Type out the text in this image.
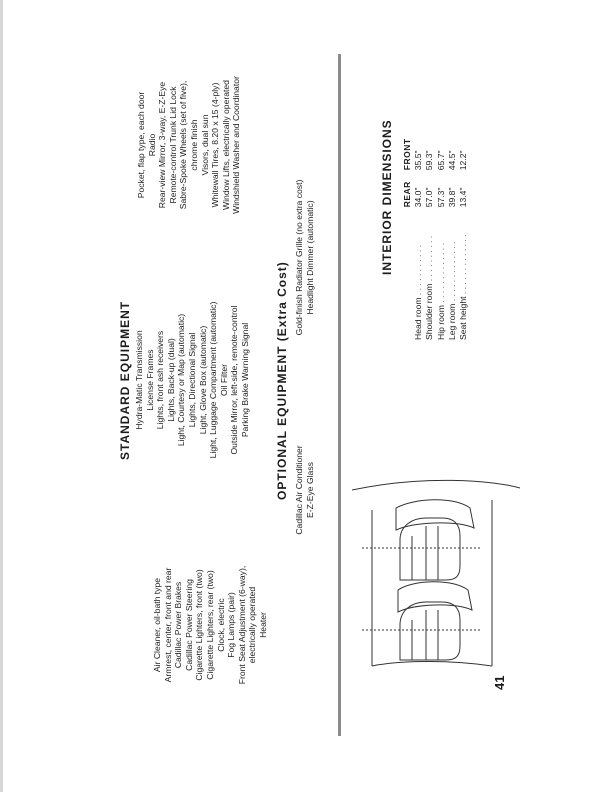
STANDARD EQUIPMENT
Air Cleaner, oil-bath type Armrest, center, front and rear Cadillac Power Brakes Cadillac Power Steering Cigarette Lighters, front (two) Cigarette Lighters, rear (two) Clock, electric Fog Lamps (pair) Front Seat Adjustment (6-way), electrically operated Heater
Hydra-Matic Transmission License Frames Lights, front ash receivers Lights, Back-up (dual) Light, Courtesy or Map (automatic) Lights, Directional Signal Light, Glove Box (automatic) Light, Luggage Compartment (automatic) Oil Filter Outside Mirror, left-side, remote-control Parking Brake Warning Signal
Pocket, flap type, each door Radio Rear-view Mirror, 3-way, E-Z-Eye Remote-control Trunk Lid Lock Sabre-Spoke Wheels (set of five), chrome finish Visors, dual sun Whitewall Tires, 8.20 x 15 (4-ply) Window Lifts, electrically operated Windshield Washer and Coordinator
OPTIONAL EQUIPMENT (Extra Cost) Cadillac Air Conditioner E-Z-Eye Glass
Gold-finish Radiator Grille (no extra cost) Headlight Dimmer (automatic)	INTERIOR DIMENSIONS
	REAR	FRONT
Head room . . . . . . . . . . .	34.0"	35.5"
Shoulder room . . . . . . . . . .	57.0"	59.3"
Hip room . . . . . . . . . . . . .	57.3"	65.7"
Leg room . . . . . . . . . . . . .	39.8"	44.5"
Seat height . . . . . . . . . . . . .	13.4"	12.2"
41
